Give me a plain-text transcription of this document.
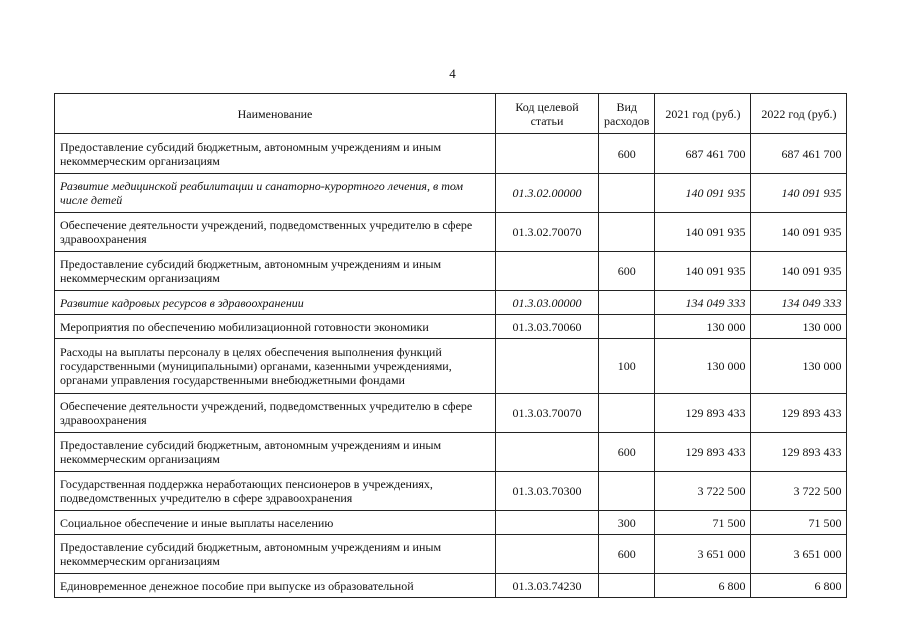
4
Наименование	Код целевой статьи	Вид расходов	2021 год (руб.)	2022 год (руб.)
Предоставление субсидий бюджетным, автономным учреждениям и иным некоммерческим организациям		600	687 461 700	687 461 700
Развитие медицинской реабилитации и санаторно-курортного лечения, в том числе детей	01.3.02.00000		140 091 935	140 091 935
Обеспечение деятельности учреждений, подведомственных учредителю в сфере здравоохранения	01.3.02.70070		140 091 935	140 091 935
Предоставление субсидий бюджетным, автономным учреждениям и иным некоммерческим организациям		600	140 091 935	140 091 935
Развитие кадровых ресурсов в здравоохранении	01.3.03.00000		134 049 333	134 049 333
Мероприятия по обеспечению мобилизационной готовности экономики	01.3.03.70060		130 000	130 000
Расходы на выплаты персоналу в целях обеспечения выполнения функций государственными (муниципальными) органами, казенными учреждениями, органами управления государственными внебюджетными фондами		100	130 000	130 000
Обеспечение деятельности учреждений, подведомственных учредителю в сфере здравоохранения	01.3.03.70070		129 893 433	129 893 433
Предоставление субсидий бюджетным, автономным учреждениям и иным некоммерческим организациям		600	129 893 433	129 893 433
Государственная поддержка неработающих пенсионеров в учреждениях, подведомственных учредителю в сфере здравоохранения	01.3.03.70300		3 722 500	3 722 500
Социальное обеспечение и иные выплаты населению		300	71 500	71 500
Предоставление субсидий бюджетным, автономным учреждениям и иным некоммерческим организациям		600	3 651 000	3 651 000
Единовременное денежное пособие при выпуске из образовательной	01.3.03.74230		6 800	6 800
